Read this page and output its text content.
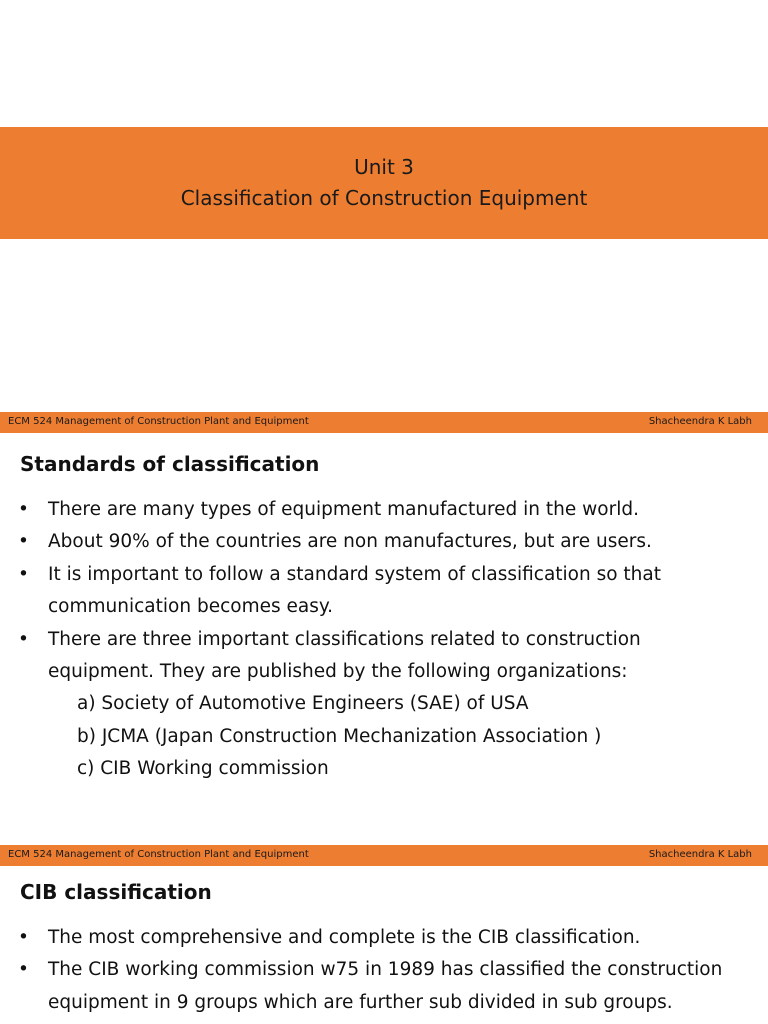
Unit 3
Classification of Construction Equipment
ECM 524 Management of Construction Plant and Equipment	Shacheendra K Labh
Standards of classification
• There are many types of equipment manufactured in the world.
• About 90% of the countries are non manufactures, but are users.
• It is important to follow a standard system of classification so that communication becomes easy.
• There are three important classifications related to construction equipment. They are published by the following organizations:
a) Society of Automotive Engineers (SAE) of USA
b) JCMA (Japan Construction Mechanization Association )
c) CIB Working commission
ECM 524 Management of Construction Plant and Equipment	Shacheendra K Labh
CIB classification
• The most comprehensive and complete is the CIB classification.
• The CIB working commission w75 in 1989 has classified the construction equipment in 9 groups which are further sub divided in sub groups.
